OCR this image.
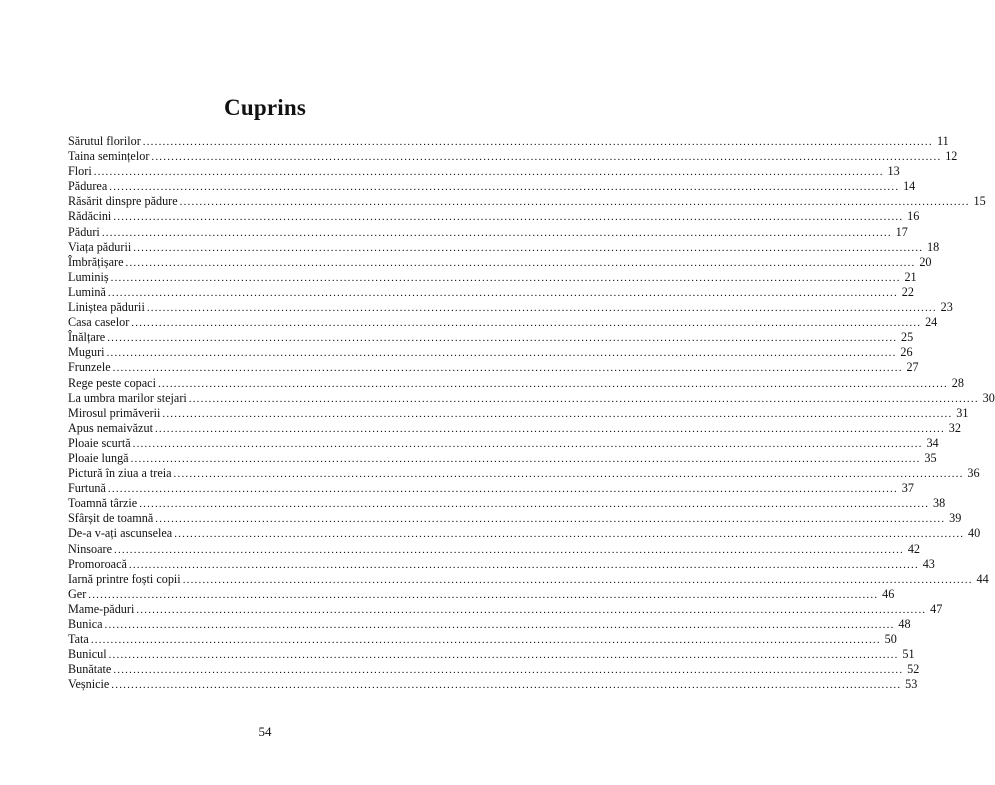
Cuprins
Sărutul florilor ........................................................................................................................................................................................................ 11
Taina semințelor ........................................................................................................................................................................................................ 12
Flori ........................................................................................................................................................................................................ 13
Pădurea ........................................................................................................................................................................................................ 14
Răsărit dinspre pădure ........................................................................................................................................................................................................ 15
Rădăcini ........................................................................................................................................................................................................ 16
Păduri ........................................................................................................................................................................................................ 17
Viața pădurii ........................................................................................................................................................................................................ 18
Îmbrățișare ........................................................................................................................................................................................................ 20
Luminiș ........................................................................................................................................................................................................ 21
Lumină ........................................................................................................................................................................................................ 22
Liniștea pădurii ........................................................................................................................................................................................................ 23
Casa caselor ........................................................................................................................................................................................................ 24
Înălțare ........................................................................................................................................................................................................ 25
Muguri ........................................................................................................................................................................................................ 26
Frunzele ........................................................................................................................................................................................................ 27
Rege peste copaci ........................................................................................................................................................................................................ 28
La umbra marilor stejari ........................................................................................................................................................................................................ 30
Mirosul primăverii ........................................................................................................................................................................................................ 31
Apus nemaivăzut ........................................................................................................................................................................................................ 32
Ploaie scurtă ........................................................................................................................................................................................................ 34
Ploaie lungă ........................................................................................................................................................................................................ 35
Pictură în ziua a treia ........................................................................................................................................................................................................ 36
Furtună ........................................................................................................................................................................................................ 37
Toamnă târzie ........................................................................................................................................................................................................ 38
Sfârșit de toamnă ........................................................................................................................................................................................................ 39
De-a v-ați ascunselea ........................................................................................................................................................................................................ 40
Ninsoare ........................................................................................................................................................................................................ 42
Promoroacă ........................................................................................................................................................................................................ 43
Iarnă printre foști copii ........................................................................................................................................................................................................ 44
Ger ........................................................................................................................................................................................................ 46
Mame-păduri ........................................................................................................................................................................................................ 47
Bunica ........................................................................................................................................................................................................ 48
Tata ........................................................................................................................................................................................................ 50
Bunicul ........................................................................................................................................................................................................ 51
Bunătate ........................................................................................................................................................................................................ 52
Veșnicie ........................................................................................................................................................................................................ 53
54
